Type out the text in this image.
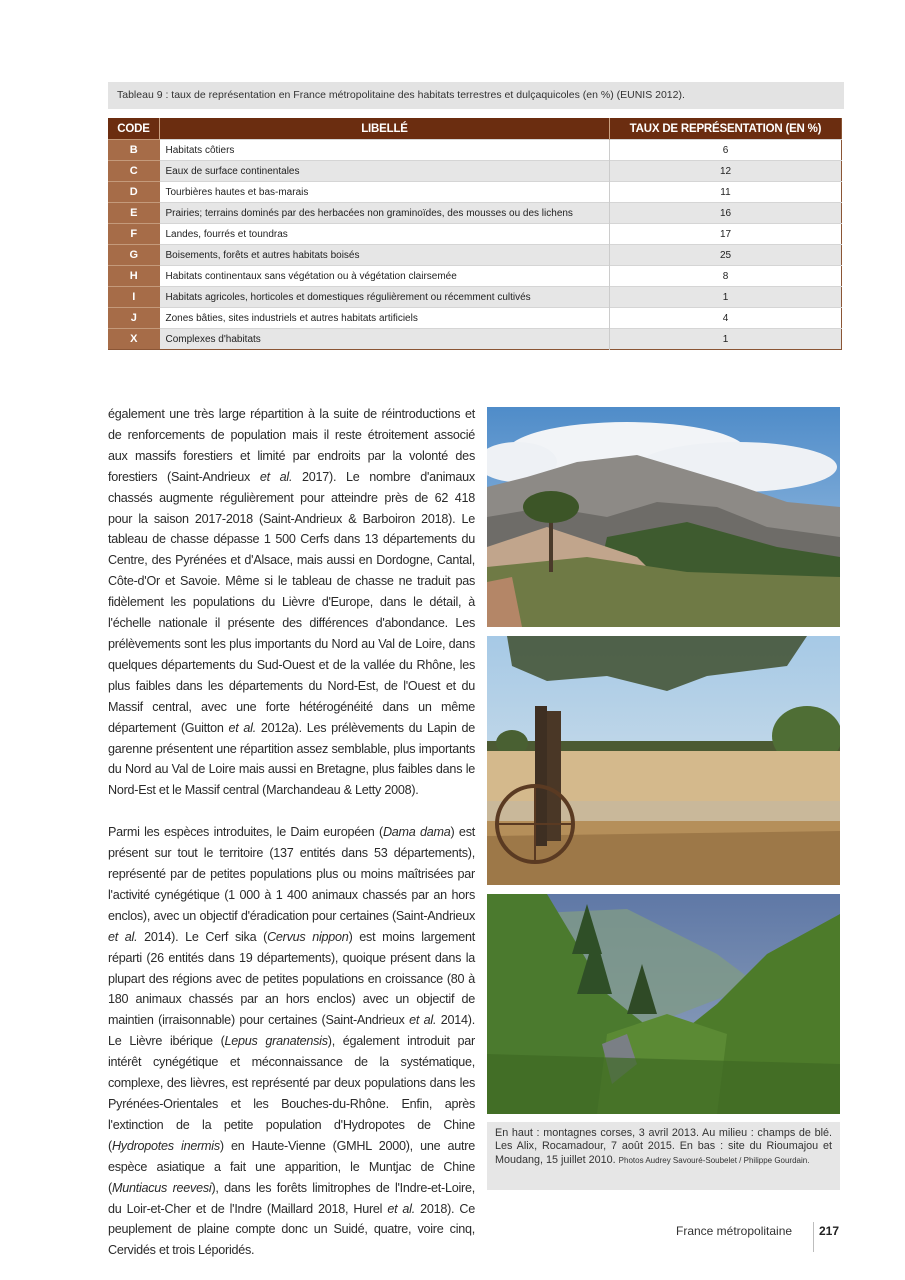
Tableau 9 : taux de représentation en France métropolitaine des habitats terrestres et dulçaquicoles (en %) (EUNIS 2012).
CODE	LIBELLÉ	TAUX DE REPRÉSENTATION (EN %)
B	Habitats côtiers	6
C	Eaux de surface continentales	12
D	Tourbières hautes et bas-marais	11
E	Prairies; terrains dominés par des herbacées non graminoïdes, des mousses ou des lichens	16
F	Landes, fourrés et toundras	17
G	Boisements, forêts et autres habitats boisés	25
H	Habitats continentaux sans végétation ou à végétation clairsemée	8
I	Habitats agricoles, horticoles et domestiques régulièrement ou récemment cultivés	1
J	Zones bâties, sites industriels et autres habitats artificiels	4
X	Complexes d'habitats	1

également une très large répartition à la suite de réintroductions et de renforcements de population mais il reste étroitement associé aux massifs forestiers et limité par endroits par la volonté des forestiers (Saint-Andrieux et al. 2017). Le nombre d'animaux chassés augmente régulièrement pour atteindre près de 62 418 pour la saison 2017-2018 (Saint-Andrieux & Barboiron 2018). Le tableau de chasse dépasse 1 500 Cerfs dans 13 départements du Centre, des Pyrénées et d'Alsace, mais aussi en Dordogne, Cantal, Côte-d'Or et Savoie. Même si le tableau de chasse ne traduit pas fidèlement les populations du Lièvre d'Europe, dans le détail, à l'échelle nationale il présente des différences d'abondance. Les prélèvements sont les plus importants du Nord au Val de Loire, dans quelques départements du Sud-Ouest et de la vallée du Rhône, les plus faibles dans les départements du Nord-Est, de l'Ouest et du Massif central, avec une forte hétérogénéité dans un même département (Guitton et al. 2012a). Les prélèvements du Lapin de garenne présentent une répartition assez semblable, plus importants du Nord au Val de Loire mais aussi en Bretagne, plus faibles dans le Nord-Est et le Massif central (Marchandeau & Letty 2008).

Parmi les espèces introduites, le Daim européen (Dama dama) est présent sur tout le territoire (137 entités dans 53 départements), représenté par de petites populations plus ou moins maîtrisées par l'activité cynégétique (1 000 à 1 400 animaux chassés par an hors enclos), avec un objectif d'éradication pour certaines (Saint-Andrieux et al. 2014). Le Cerf sika (Cervus nippon) est moins largement réparti (26 entités dans 19 départements), quoique présent dans la plupart des régions avec de petites populations en croissance (80 à 180 animaux chassés par an hors enclos) avec un objectif de maintien (irraisonnable) pour certaines (Saint-Andrieux et al. 2014). Le Lièvre ibérique (Lepus granatensis), également introduit par intérêt cynégétique et méconnaissance de la systématique, complexe, des lièvres, est représenté par deux populations dans les Pyrénées-Orientales et les Bouches-du-Rhône. Enfin, après l'extinction de la petite population d'Hydropotes de Chine (Hydropotes inermis) en Haute-Vienne (GMHL 2000), une autre espèce asiatique a fait une apparition, le Muntjac de Chine (Muntiacus reevesi), dans les forêts limitrophes de l'Indre-et-Loire, du Loir-et-Cher et de l'Indre (Maillard 2018, Hurel et al. 2018). Ce peuplement de plaine compte donc un Suidé, quatre, voire cinq, Cervidés et trois Léporidés.

En haut : montagnes corses, 3 avril 2013. Au milieu : champs de blé. Les Alix, Rocamadour, 7 août 2015. En bas : site du Rioumajou et Moudang, 15 juillet 2010. Photos Audrey Savouré-Soubelet / Philippe Gourdain.
France métropolitaine 217
